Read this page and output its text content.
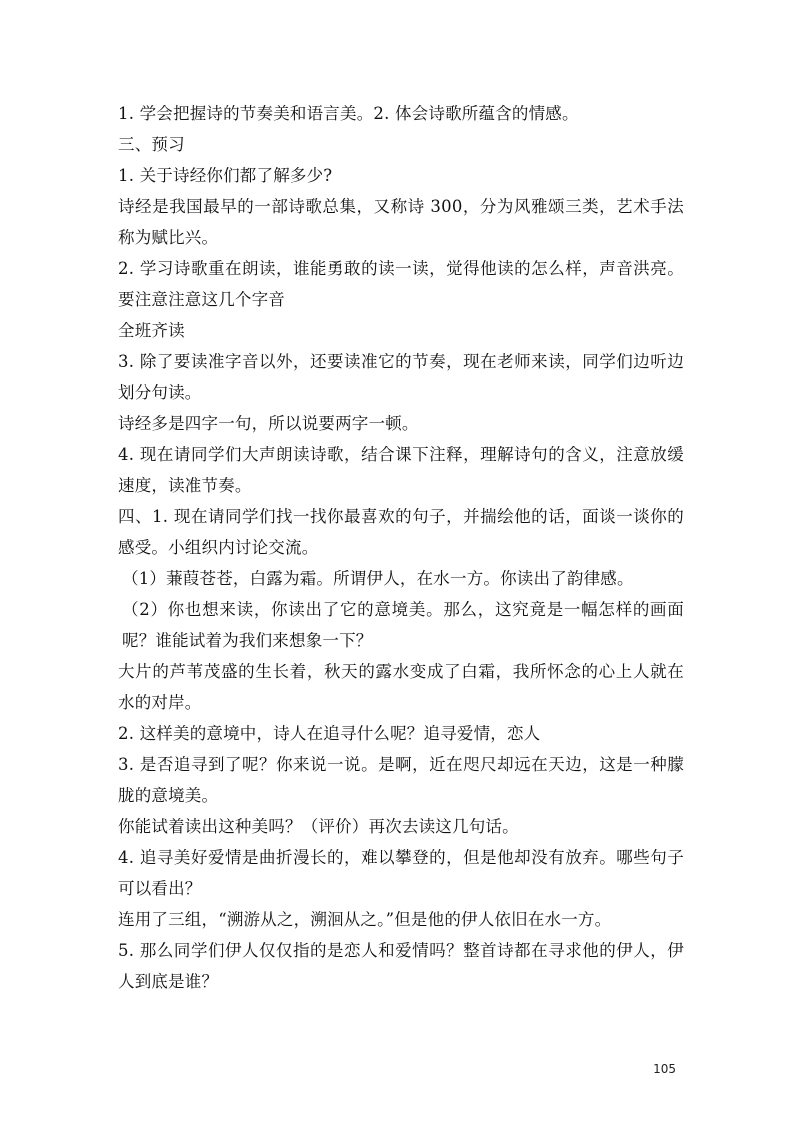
1. 学会把握诗的节奏美和语言美。2. 体会诗歌所蕴含的情感。

三、预习

1. 关于诗经你们都了解多少?

诗经是我国最早的一部诗歌总集，又称诗 300，分为风雅颂三类，艺术手法称为赋比兴。

2. 学习诗歌重在朗读，谁能勇敢的读一读，觉得他读的怎么样，声音洪亮。要注意注意这几个字音

全班齐读

3. 除了要读准字音以外，还要读准它的节奏，现在老师来读，同学们边听边划分句读。

诗经多是四字一句，所以说要两字一顿。

4. 现在请同学们大声朗读诗歌，结合课下注释，理解诗句的含义，注意放缓速度，读准节奏。

四、1. 现在请同学们找一找你最喜欢的句子，并揣绘他的话，面谈一谈你的感受。小组织内讨论交流。

（1）蒹葭苍苍，白露为霜。所谓伊人，在水一方。你读出了韵律感。

（2）你也想来读，你读出了它的意境美。那么，这究竟是一幅怎样的画面呢？谁能试着为我们来想象一下？

大片的芦苇茂盛的生长着，秋天的露水变成了白霜，我所怀念的心上人就在水的对岸。

2. 这样美的意境中，诗人在追寻什么呢？追寻爱情，恋人

3. 是否追寻到了呢？你来说一说。是啊，近在咫尺却远在天边，这是一种朦胧的意境美。

你能试着读出这种美吗？（评价）再次去读这几句话。

4. 追寻美好爱情是曲折漫长的，难以攀登的，但是他却没有放弃。哪些句子可以看出？

连用了三组，“溯游从之，溯洄从之。”但是他的伊人依旧在水一方。

5. 那么同学们伊人仅仅指的是恋人和爱情吗？整首诗都在寻求他的伊人，伊人到底是谁？

105
